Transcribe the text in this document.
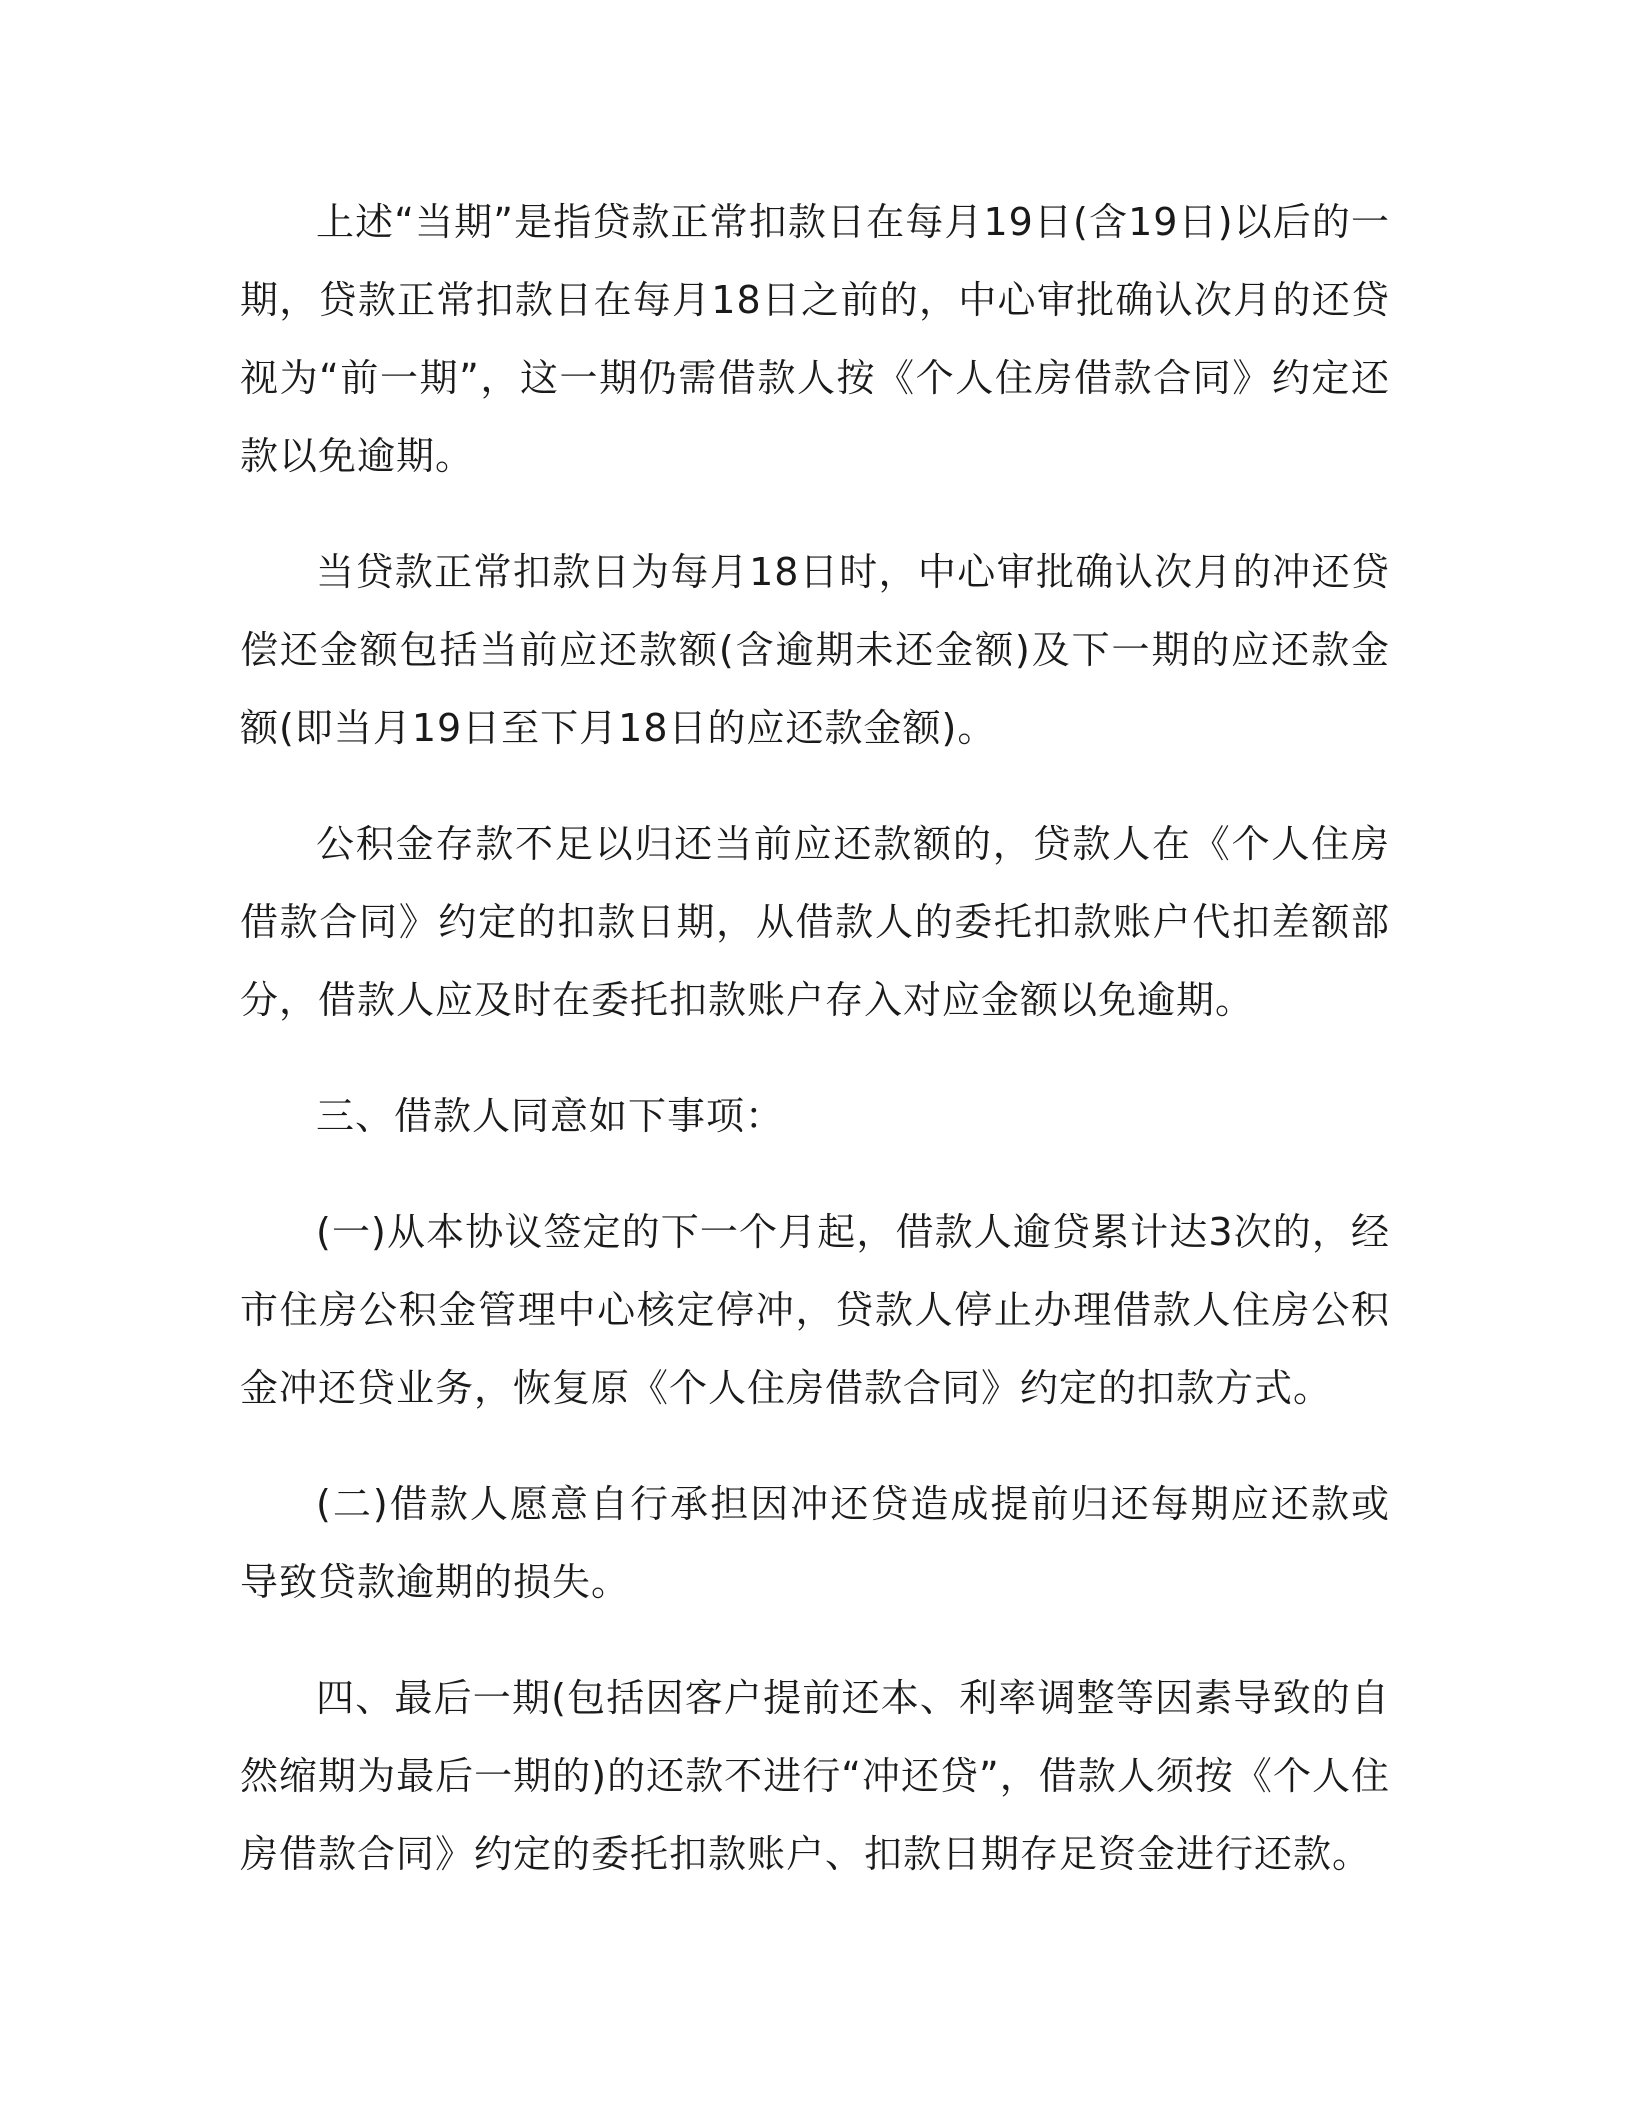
上述“当期”是指贷款正常扣款日在每月19日(含19日)以后的一期，贷款正常扣款日在每月18日之前的，中心审批确认次月的还贷视为“前一期”，这一期仍需借款人按《个人住房借款合同》约定还款以免逾期。

当贷款正常扣款日为每月18日时，中心审批确认次月的冲还贷偿还金额包括当前应还款额(含逾期未还金额)及下一期的应还款金额(即当月19日至下月18日的应还款金额)。

公积金存款不足以归还当前应还款额的，贷款人在《个人住房借款合同》约定的扣款日期，从借款人的委托扣款账户代扣差额部分，借款人应及时在委托扣款账户存入对应金额以免逾期。

三、借款人同意如下事项：

(一)从本协议签定的下一个月起，借款人逾贷累计达3次的，经市住房公积金管理中心核定停冲，贷款人停止办理借款人住房公积金冲还贷业务，恢复原《个人住房借款合同》约定的扣款方式。

(二)借款人愿意自行承担因冲还贷造成提前归还每期应还款或导致贷款逾期的损失。

四、最后一期(包括因客户提前还本、利率调整等因素导致的自然缩期为最后一期的)的还款不进行“冲还贷”，借款人须按《个人住房借款合同》约定的委托扣款账户、扣款日期存足资金进行还款。
